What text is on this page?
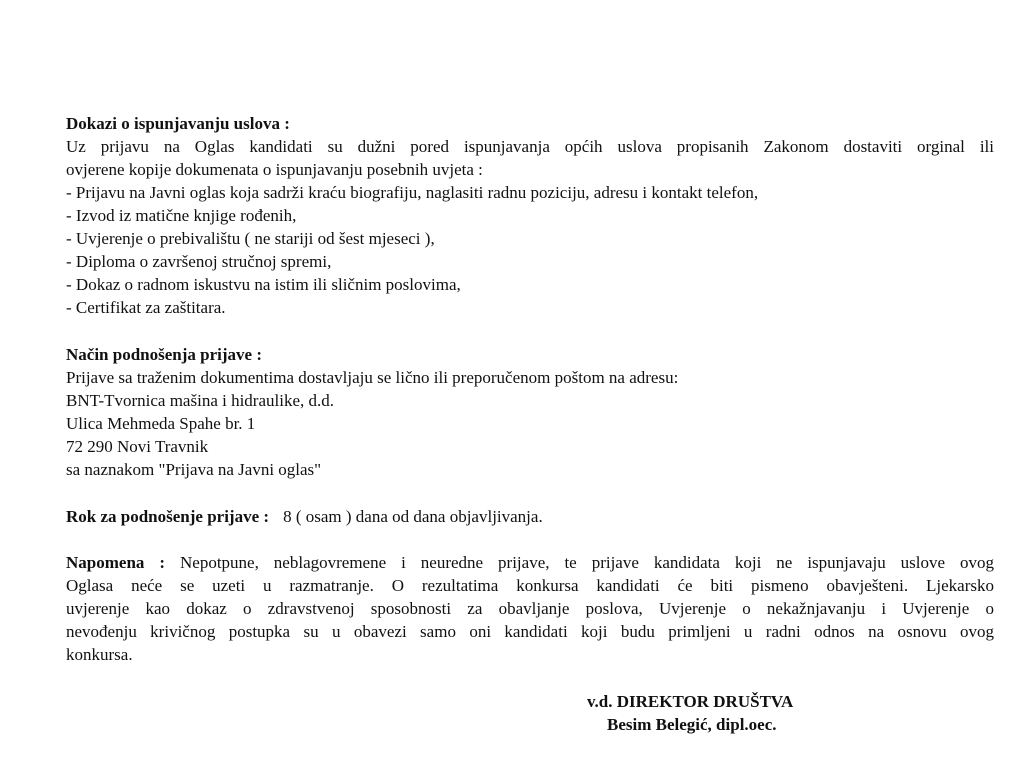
Dokazi o ispunjavanju uslova :
Uz prijavu na Oglas kandidati su dužni pored ispunjavanja općih uslova propisanih Zakonom dostaviti orginal ili
ovjerene kopije dokumenata o ispunjavanju posebnih uvjeta :
- Prijavu na Javni oglas koja sadrži kraću biografiju, naglasiti radnu poziciju, adresu i kontakt telefon,
- Izvod iz matične knjige rođenih,
- Uvjerenje o prebivalištu ( ne stariji od šest mjeseci ),
- Diploma o završenoj stručnoj spremi,
- Dokaz o radnom iskustvu na istim ili sličnim poslovima,
- Certifikat za zaštitara.
Način podnošenja prijave :
Prijave sa traženim dokumentima dostavljaju se lično ili preporučenom poštom na adresu:
BNT-Tvornica mašina i hidraulike, d.d.
Ulica Mehmeda Spahe br. 1
72 290 Novi Travnik
sa naznakom "Prijava na Javni oglas"
Rok za podnošenje prijave : 8 ( osam ) dana od dana objavljivanja.
Napomena : Nepotpune, neblagovremene i neuredne prijave, te prijave kandidata koji ne ispunjavaju uslove ovog
Oglasa neće se uzeti u razmatranje. O rezultatima konkursa kandidati će biti pismeno obavješteni. Ljekarsko
uvjerenje kao dokaz o zdravstvenoj sposobnosti za obavljanje poslova, Uvjerenje o nekažnjavanju i Uvjerenje o
nevođenju krivičnog postupka su u obavezi samo oni kandidati koji budu primljeni u radni odnos na osnovu ovog
konkursa.
v.d. DIREKTOR DRUŠTVA
Besim Belegić, dipl.oec.
